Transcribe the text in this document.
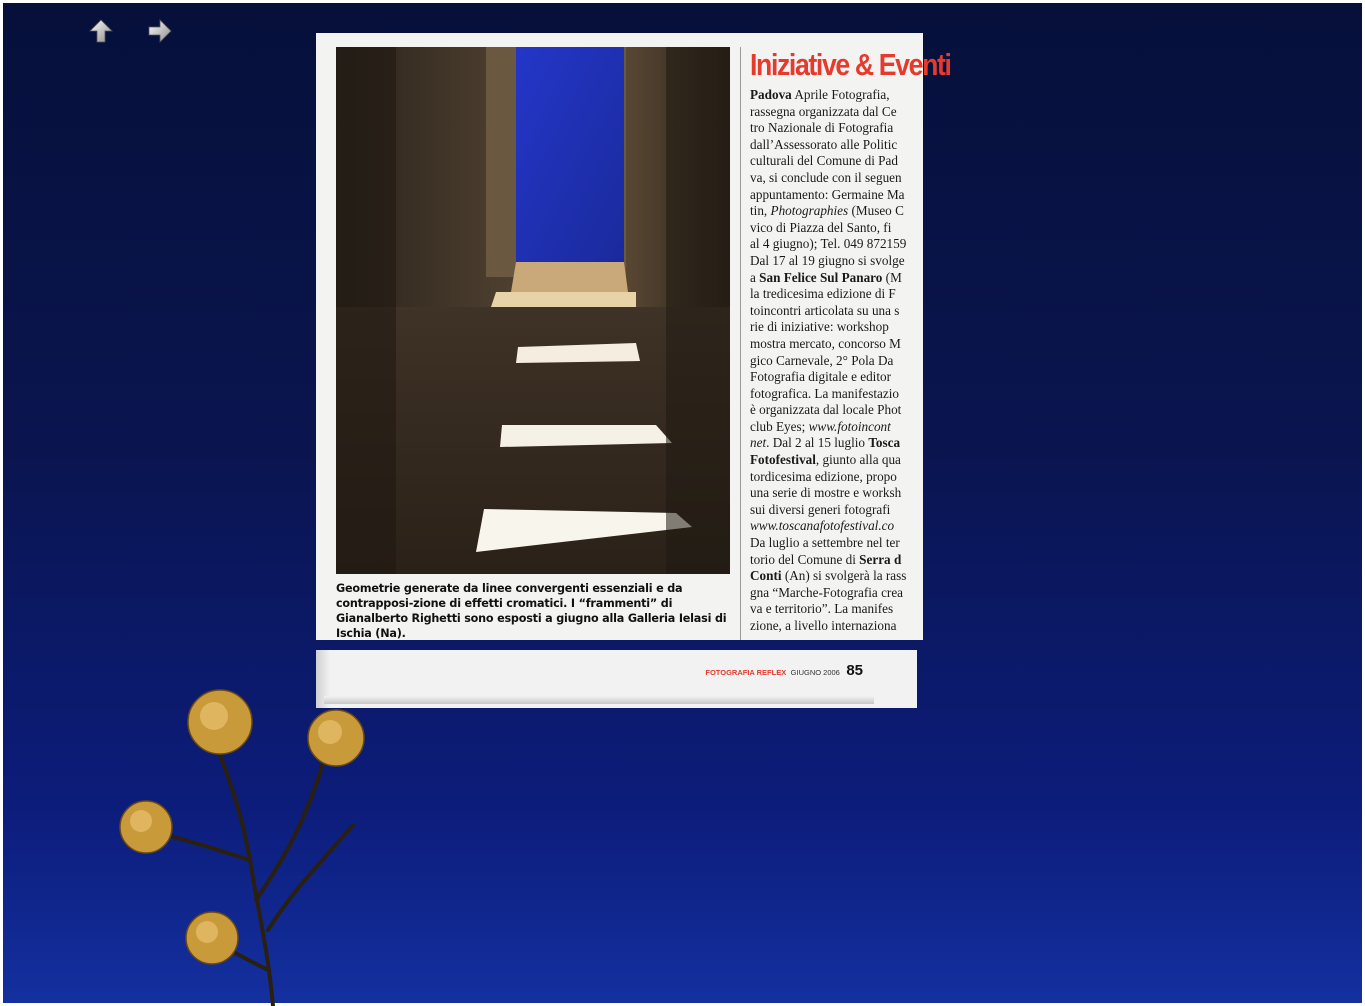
Geometrie generate da linee convergenti essenziali e da contrapposi-zione di effetti cromatici. I “frammenti” di Gianalberto Righetti sono esposti a giugno alla Galleria Ielasi di Ischia (Na).
Iniziative & Eventi
Padova Aprile Fotografia,
rassegna organizzata dal Ce
tro Nazionale di Fotografia
dall’Assessorato alle Politic
culturali del Comune di Pad
va, si conclude con il seguen
appuntamento: Germaine Ma
tin, Photographies (Museo C
vico di Piazza del Santo, fi
al 4 giugno); Tel. 049 872159
Dal 17 al 19 giugno si svolge
a San Felice Sul Panaro (M
la tredicesima edizione di F
toincontri articolata su una s
rie di iniziative: workshop
mostra mercato, concorso M
gico Carnevale, 2° Pola Da
Fotografia digitale e editor
fotografica. La manifestazio
è organizzata dal locale Phot
club Eyes; www.fotoincont
net. Dal 2 al 15 luglio Tosca
Fotofestival, giunto alla qua
tordicesima edizione, propo
una serie di mostre e worksh
sui diversi generi fotografi
www.toscanafotofestival.co
Da luglio a settembre nel ter
torio del Comune di Serra d
Conti (An) si svolgerà la rass
gna “Marche-Fotografia crea
va e territorio”. La manifes
zione, a livello internaziona
FOTOGRAFIA REFLEX GIUGNO 2006 85
